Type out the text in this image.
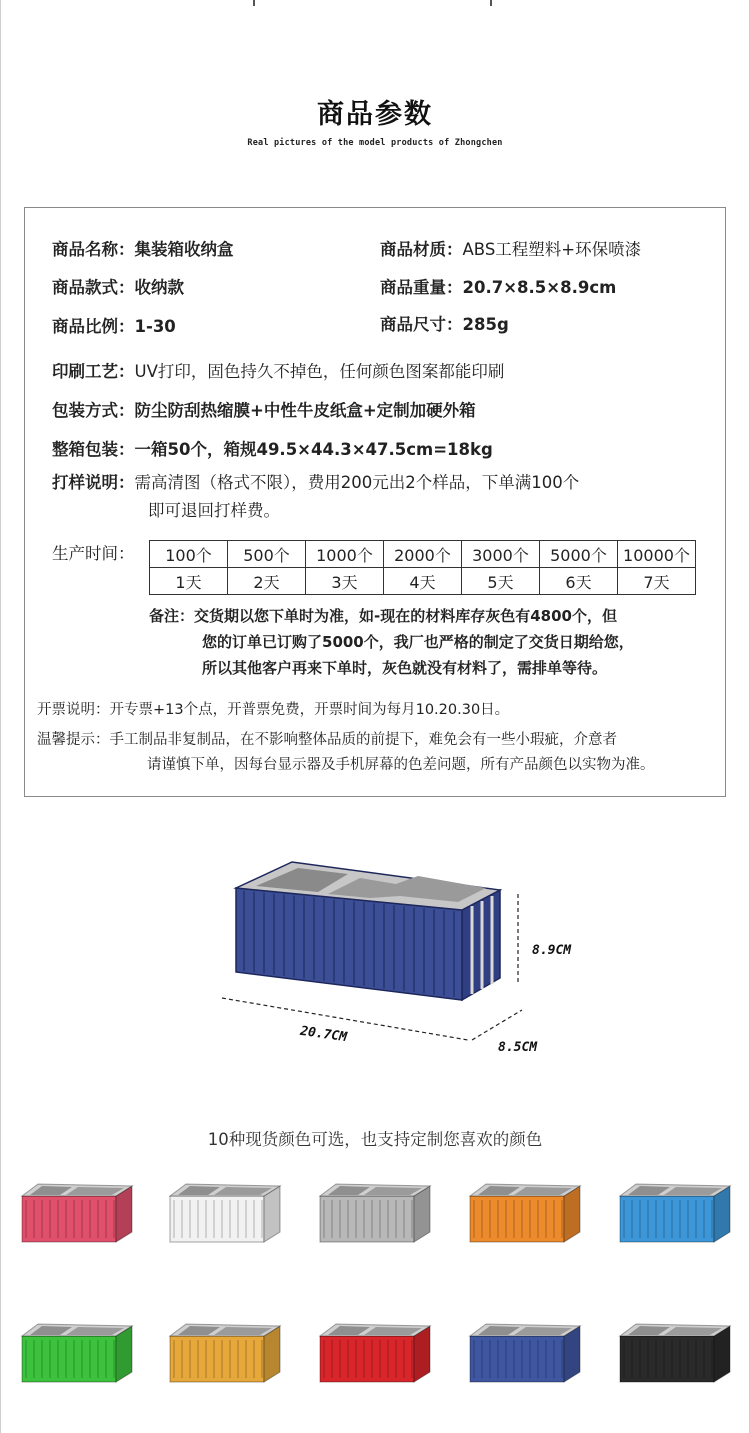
商品参数
Real pictures of the model products of Zhongchen
商品名称：集装箱收纳盒	商品材质：ABS工程塑料+环保喷漆
商品款式：收纳款	商品重量：20.7×8.5×8.9cm
商品比例：1-30	商品尺寸：285g
印刷工艺：UV打印，固色持久不掉色，任何颜色图案都能印刷
包装方式：防尘防刮热缩膜+中性牛皮纸盒+定制加硬外箱
整箱包装：一箱50个，箱规49.5×44.3×47.5cm=18kg
打样说明：需高清图（格式不限），费用200元出2个样品，下单满100个
即可退回打样费。
生产时间： 100个	500个	1000个	2000个	3000个	5000个	10000个
1天	2天	3天	4天	5天	6天	7天
备注：交货期以您下单时为准，如-现在的材料库存灰色有4800个，但
您的订单已订购了5000个，我厂也严格的制定了交货日期给您，
所以其他客户再来下单时，灰色就没有材料了，需排单等待。
开票说明：开专票+13个点，开普票免费，开票时间为每月10.20.30日。
温馨提示：手工制品非复制品，在不影响整体品质的前提下，难免会有一些小瑕疵，介意者
请谨慎下单，因每台显示器及手机屏幕的色差问题，所有产品颜色以实物为准。
8.9CM
20.7CM
8.5CM
10种现货颜色可选，也支持定制您喜欢的颜色
